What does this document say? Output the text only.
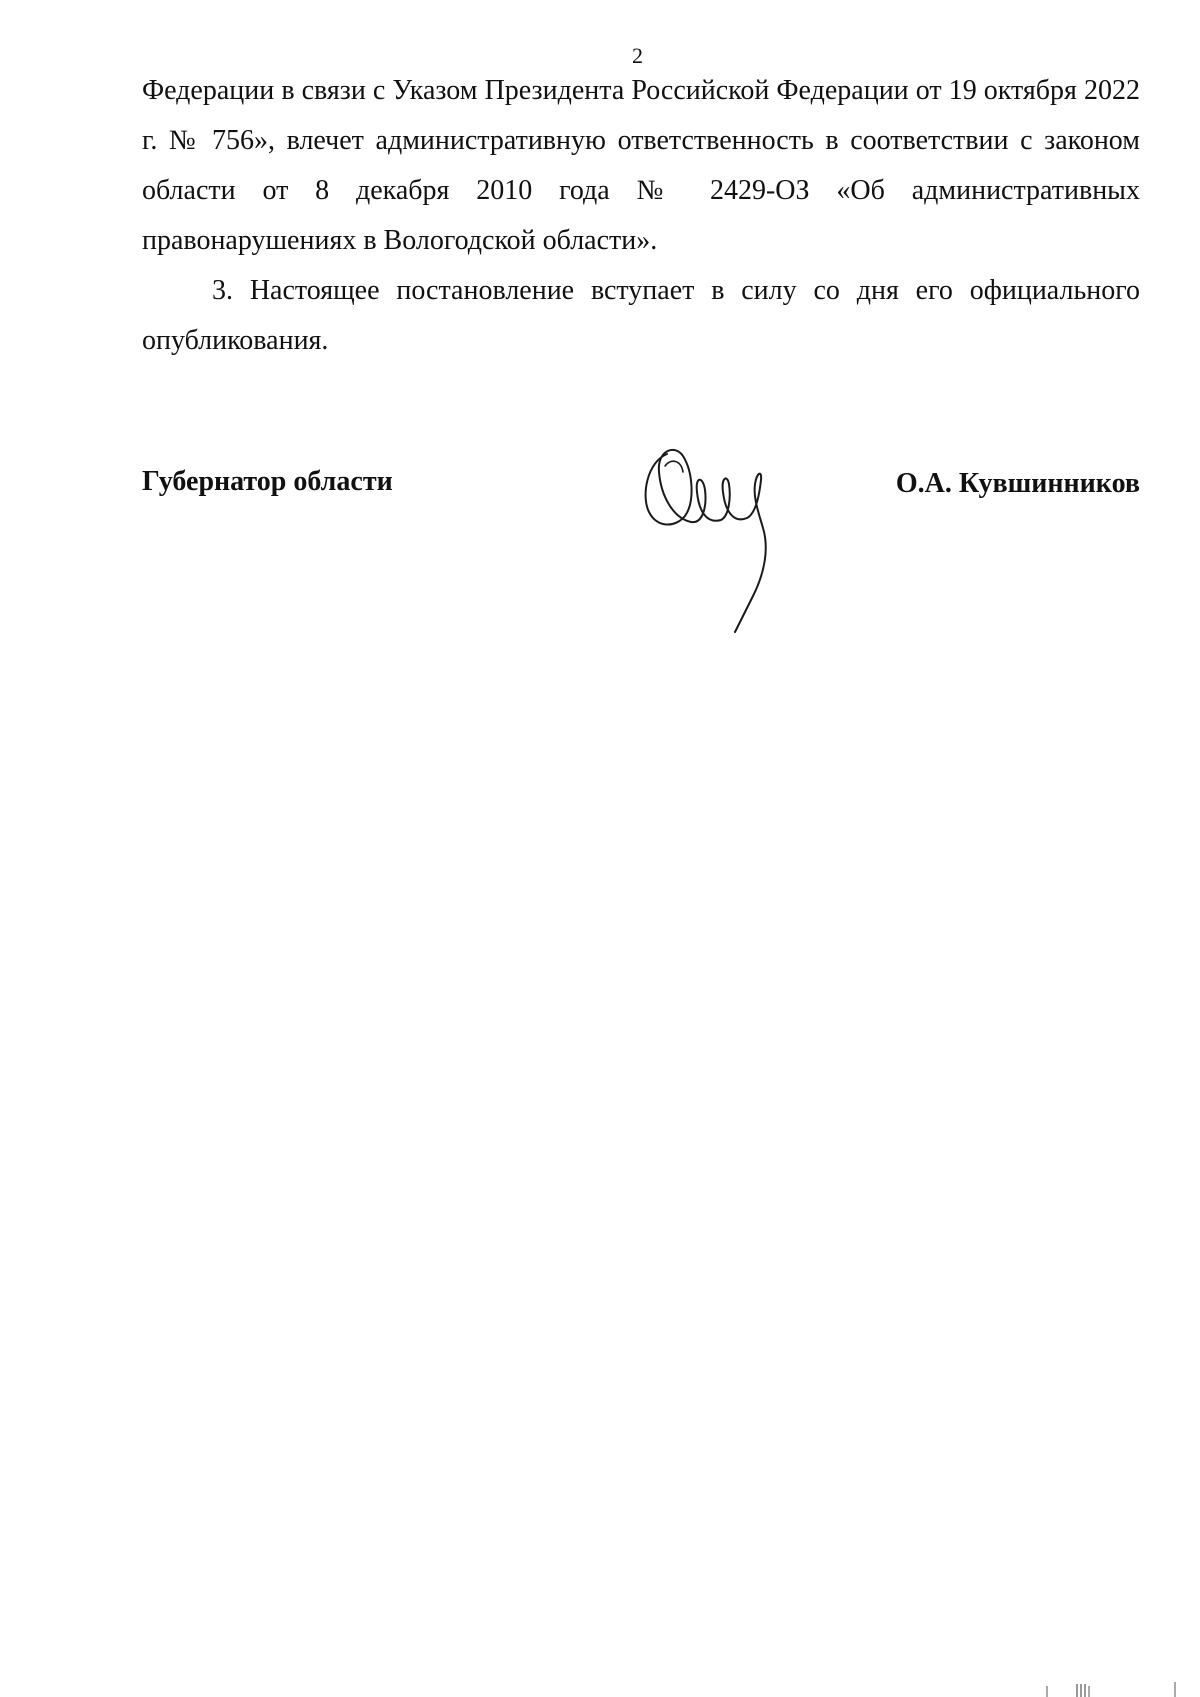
2

Федерации в связи с Указом Президента Российской Федерации от 19 октября 2022 г. № 756», влечет административную ответственность в соответствии с законом области от 8 декабря 2010 года № 2429-ОЗ «Об административных правонарушениях в Вологодской области».

3. Настоящее постановление вступает в силу со дня его официального опубликования.

Губернатор области	О.А. Кувшинников
